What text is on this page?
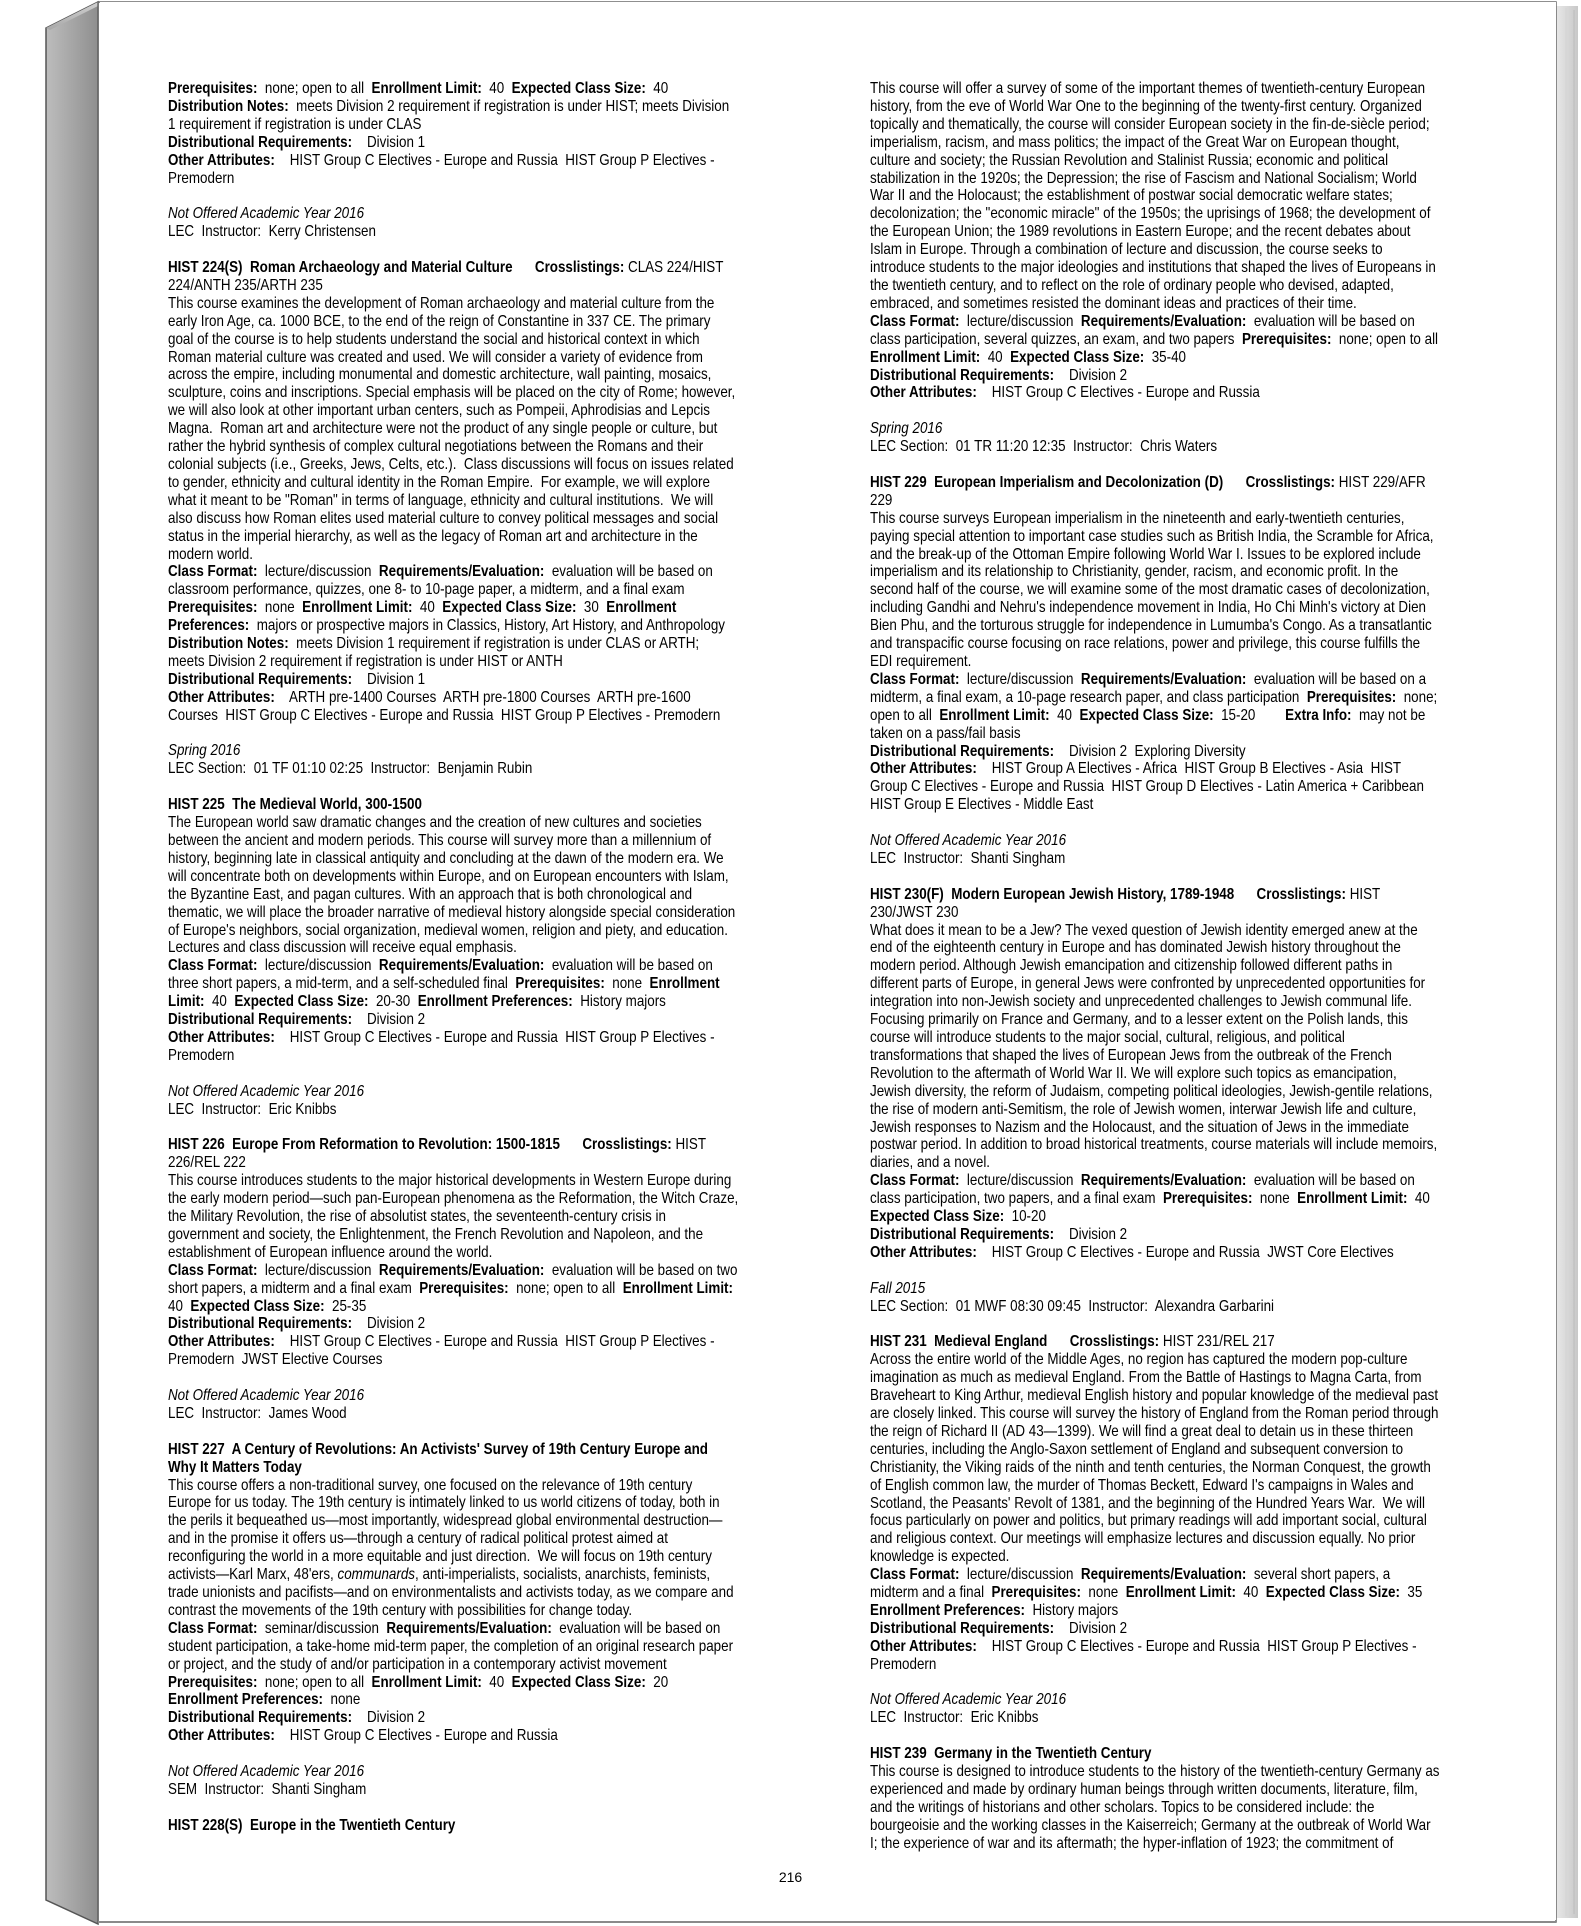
Prerequisites:  none; open to all  Enrollment Limit:  40  Expected Class Size:  40
Distribution Notes:  meets Division 2 requirement if registration is under HIST; meets Division
1 requirement if registration is under CLAS
Distributional Requirements:    Division 1
Other Attributes:    HIST Group C Electives - Europe and Russia  HIST Group P Electives -
Premodern
Not Offered Academic Year 2016
LEC  Instructor:  Kerry Christensen
HIST 224(S)  Roman Archaeology and Material Culture      Crosslistings: CLAS 224/HIST
224/ANTH 235/ARTH 235
This course examines the development of Roman archaeology and material culture from the
early Iron Age, ca. 1000 BCE, to the end of the reign of Constantine in 337 CE. The primary
goal of the course is to help students understand the social and historical context in which
Roman material culture was created and used. We will consider a variety of evidence from
across the empire, including monumental and domestic architecture, wall painting, mosaics,
sculpture, coins and inscriptions. Special emphasis will be placed on the city of Rome; however,
we will also look at other important urban centers, such as Pompeii, Aphrodisias and Lepcis
Magna.  Roman art and architecture were not the product of any single people or culture, but
rather the hybrid synthesis of complex cultural negotiations between the Romans and their
colonial subjects (i.e., Greeks, Jews, Celts, etc.).  Class discussions will focus on issues related
to gender, ethnicity and cultural identity in the Roman Empire.  For example, we will explore
what it meant to be "Roman" in terms of language, ethnicity and cultural institutions.  We will
also discuss how Roman elites used material culture to convey political messages and social
status in the imperial hierarchy, as well as the legacy of Roman art and architecture in the
modern world.
Class Format:  lecture/discussion  Requirements/Evaluation:  evaluation will be based on
classroom performance, quizzes, one 8- to 10-page paper, a midterm, and a final exam
Prerequisites:  none  Enrollment Limit:  40  Expected Class Size:  30  Enrollment
Preferences:  majors or prospective majors in Classics, History, Art History, and Anthropology
Distribution Notes:  meets Division 1 requirement if registration is under CLAS or ARTH;
meets Division 2 requirement if registration is under HIST or ANTH
Distributional Requirements:    Division 1
Other Attributes:    ARTH pre-1400 Courses  ARTH pre-1800 Courses  ARTH pre-1600
Courses  HIST Group C Electives - Europe and Russia  HIST Group P Electives - Premodern
Spring 2016
LEC Section:  01 TF 01:10 02:25  Instructor:  Benjamin Rubin
HIST 225  The Medieval World, 300-1500
The European world saw dramatic changes and the creation of new cultures and societies
between the ancient and modern periods. This course will survey more than a millennium of
history, beginning late in classical antiquity and concluding at the dawn of the modern era. We
will concentrate both on developments within Europe, and on European encounters with Islam,
the Byzantine East, and pagan cultures. With an approach that is both chronological and
thematic, we will place the broader narrative of medieval history alongside special consideration
of Europe's neighbors, social organization, medieval women, religion and piety, and education.
Lectures and class discussion will receive equal emphasis.
Class Format:  lecture/discussion  Requirements/Evaluation:  evaluation will be based on
three short papers, a mid-term, and a self-scheduled final  Prerequisites:  none  Enrollment
Limit:  40  Expected Class Size:  20-30  Enrollment Preferences:  History majors
Distributional Requirements:    Division 2
Other Attributes:    HIST Group C Electives - Europe and Russia  HIST Group P Electives -
Premodern
Not Offered Academic Year 2016
LEC  Instructor:  Eric Knibbs
HIST 226  Europe From Reformation to Revolution: 1500-1815      Crosslistings: HIST
226/REL 222
This course introduces students to the major historical developments in Western Europe during
the early modern period—such pan-European phenomena as the Reformation, the Witch Craze,
the Military Revolution, the rise of absolutist states, the seventeenth-century crisis in
government and society, the Enlightenment, the French Revolution and Napoleon, and the
establishment of European influence around the world.
Class Format:  lecture/discussion  Requirements/Evaluation:  evaluation will be based on two
short papers, a midterm and a final exam  Prerequisites:  none; open to all  Enrollment Limit:
40  Expected Class Size:  25-35
Distributional Requirements:    Division 2
Other Attributes:    HIST Group C Electives - Europe and Russia  HIST Group P Electives -
Premodern  JWST Elective Courses
Not Offered Academic Year 2016
LEC  Instructor:  James Wood
HIST 227  A Century of Revolutions: An Activists' Survey of 19th Century Europe and
Why It Matters Today
This course offers a non-traditional survey, one focused on the relevance of 19th century
Europe for us today. The 19th century is intimately linked to us world citizens of today, both in
the perils it bequeathed us—most importantly, widespread global environmental destruction—
and in the promise it offers us—through a century of radical political protest aimed at
reconfiguring the world in a more equitable and just direction.  We will focus on 19th century
activists—Karl Marx, 48'ers, communards, anti-imperialists, socialists, anarchists, feminists,
trade unionists and pacifists—and on environmentalists and activists today, as we compare and
contrast the movements of the 19th century with possibilities for change today.
Class Format:  seminar/discussion  Requirements/Evaluation:  evaluation will be based on
student participation, a take-home mid-term paper, the completion of an original research paper
or project, and the study of and/or participation in a contemporary activist movement
Prerequisites:  none; open to all  Enrollment Limit:  40  Expected Class Size:  20
Enrollment Preferences:  none
Distributional Requirements:    Division 2
Other Attributes:    HIST Group C Electives - Europe and Russia
Not Offered Academic Year 2016
SEM  Instructor:  Shanti Singham
HIST 228(S)  Europe in the Twentieth Century
This course will offer a survey of some of the important themes of twentieth-century European
history, from the eve of World War One to the beginning of the twenty-first century. Organized
topically and thematically, the course will consider European society in the fin-de-siècle period;
imperialism, racism, and mass politics; the impact of the Great War on European thought,
culture and society; the Russian Revolution and Stalinist Russia; economic and political
stabilization in the 1920s; the Depression; the rise of Fascism and National Socialism; World
War II and the Holocaust; the establishment of postwar social democratic welfare states;
decolonization; the "economic miracle" of the 1950s; the uprisings of 1968; the development of
the European Union; the 1989 revolutions in Eastern Europe; and the recent debates about
Islam in Europe. Through a combination of lecture and discussion, the course seeks to
introduce students to the major ideologies and institutions that shaped the lives of Europeans in
the twentieth century, and to reflect on the role of ordinary people who devised, adapted,
embraced, and sometimes resisted the dominant ideas and practices of their time.
Class Format:  lecture/discussion  Requirements/Evaluation:  evaluation will be based on
class participation, several quizzes, an exam, and two papers  Prerequisites:  none; open to all
Enrollment Limit:  40  Expected Class Size:  35-40
Distributional Requirements:    Division 2
Other Attributes:    HIST Group C Electives - Europe and Russia
Spring 2016
LEC Section:  01 TR 11:20 12:35  Instructor:  Chris Waters
HIST 229  European Imperialism and Decolonization (D)      Crosslistings: HIST 229/AFR
229
This course surveys European imperialism in the nineteenth and early-twentieth centuries,
paying special attention to important case studies such as British India, the Scramble for Africa,
and the break-up of the Ottoman Empire following World War I. Issues to be explored include
imperialism and its relationship to Christianity, gender, racism, and economic profit. In the
second half of the course, we will examine some of the most dramatic cases of decolonization,
including Gandhi and Nehru's independence movement in India, Ho Chi Minh's victory at Dien
Bien Phu, and the torturous struggle for independence in Lumumba's Congo. As a transatlantic
and transpacific course focusing on race relations, power and privilege, this course fulfills the
EDI requirement.
Class Format:  lecture/discussion  Requirements/Evaluation:  evaluation will be based on a
midterm, a final exam, a 10-page research paper, and class participation  Prerequisites:  none;
open to all  Enrollment Limit:  40  Expected Class Size:  15-20        Extra Info:  may not be
taken on a pass/fail basis
Distributional Requirements:    Division 2  Exploring Diversity
Other Attributes:    HIST Group A Electives - Africa  HIST Group B Electives - Asia  HIST
Group C Electives - Europe and Russia  HIST Group D Electives - Latin America + Caribbean
HIST Group E Electives - Middle East
Not Offered Academic Year 2016
LEC  Instructor:  Shanti Singham
HIST 230(F)  Modern European Jewish History, 1789-1948      Crosslistings: HIST
230/JWST 230
What does it mean to be a Jew? The vexed question of Jewish identity emerged anew at the
end of the eighteenth century in Europe and has dominated Jewish history throughout the
modern period. Although Jewish emancipation and citizenship followed different paths in
different parts of Europe, in general Jews were confronted by unprecedented opportunities for
integration into non-Jewish society and unprecedented challenges to Jewish communal life.
Focusing primarily on France and Germany, and to a lesser extent on the Polish lands, this
course will introduce students to the major social, cultural, religious, and political
transformations that shaped the lives of European Jews from the outbreak of the French
Revolution to the aftermath of World War II. We will explore such topics as emancipation,
Jewish diversity, the reform of Judaism, competing political ideologies, Jewish-gentile relations,
the rise of modern anti-Semitism, the role of Jewish women, interwar Jewish life and culture,
Jewish responses to Nazism and the Holocaust, and the situation of Jews in the immediate
postwar period. In addition to broad historical treatments, course materials will include memoirs,
diaries, and a novel.
Class Format:  lecture/discussion  Requirements/Evaluation:  evaluation will be based on
class participation, two papers, and a final exam  Prerequisites:  none  Enrollment Limit:  40
Expected Class Size:  10-20
Distributional Requirements:    Division 2
Other Attributes:    HIST Group C Electives - Europe and Russia  JWST Core Electives
Fall 2015
LEC Section:  01 MWF 08:30 09:45  Instructor:  Alexandra Garbarini
HIST 231  Medieval England      Crosslistings: HIST 231/REL 217
Across the entire world of the Middle Ages, no region has captured the modern pop-culture
imagination as much as medieval England. From the Battle of Hastings to Magna Carta, from
Braveheart to King Arthur, medieval English history and popular knowledge of the medieval past
are closely linked. This course will survey the history of England from the Roman period through
the reign of Richard II (AD 43—1399). We will find a great deal to detain us in these thirteen
centuries, including the Anglo-Saxon settlement of England and subsequent conversion to
Christianity, the Viking raids of the ninth and tenth centuries, the Norman Conquest, the growth
of English common law, the murder of Thomas Beckett, Edward I's campaigns in Wales and
Scotland, the Peasants' Revolt of 1381, and the beginning of the Hundred Years War.  We will
focus particularly on power and politics, but primary readings will add important social, cultural
and religious context. Our meetings will emphasize lectures and discussion equally. No prior
knowledge is expected.
Class Format:  lecture/discussion  Requirements/Evaluation:  several short papers, a
midterm and a final  Prerequisites:  none  Enrollment Limit:  40  Expected Class Size:  35
Enrollment Preferences:  History majors
Distributional Requirements:    Division 2
Other Attributes:    HIST Group C Electives - Europe and Russia  HIST Group P Electives -
Premodern
Not Offered Academic Year 2016
LEC  Instructor:  Eric Knibbs
HIST 239  Germany in the Twentieth Century
This course is designed to introduce students to the history of the twentieth-century Germany as
experienced and made by ordinary human beings through written documents, literature, film,
and the writings of historians and other scholars. Topics to be considered include: the
bourgeoisie and the working classes in the Kaiserreich; Germany at the outbreak of World War
I; the experience of war and its aftermath; the hyper-inflation of 1923; the commitment of
216
